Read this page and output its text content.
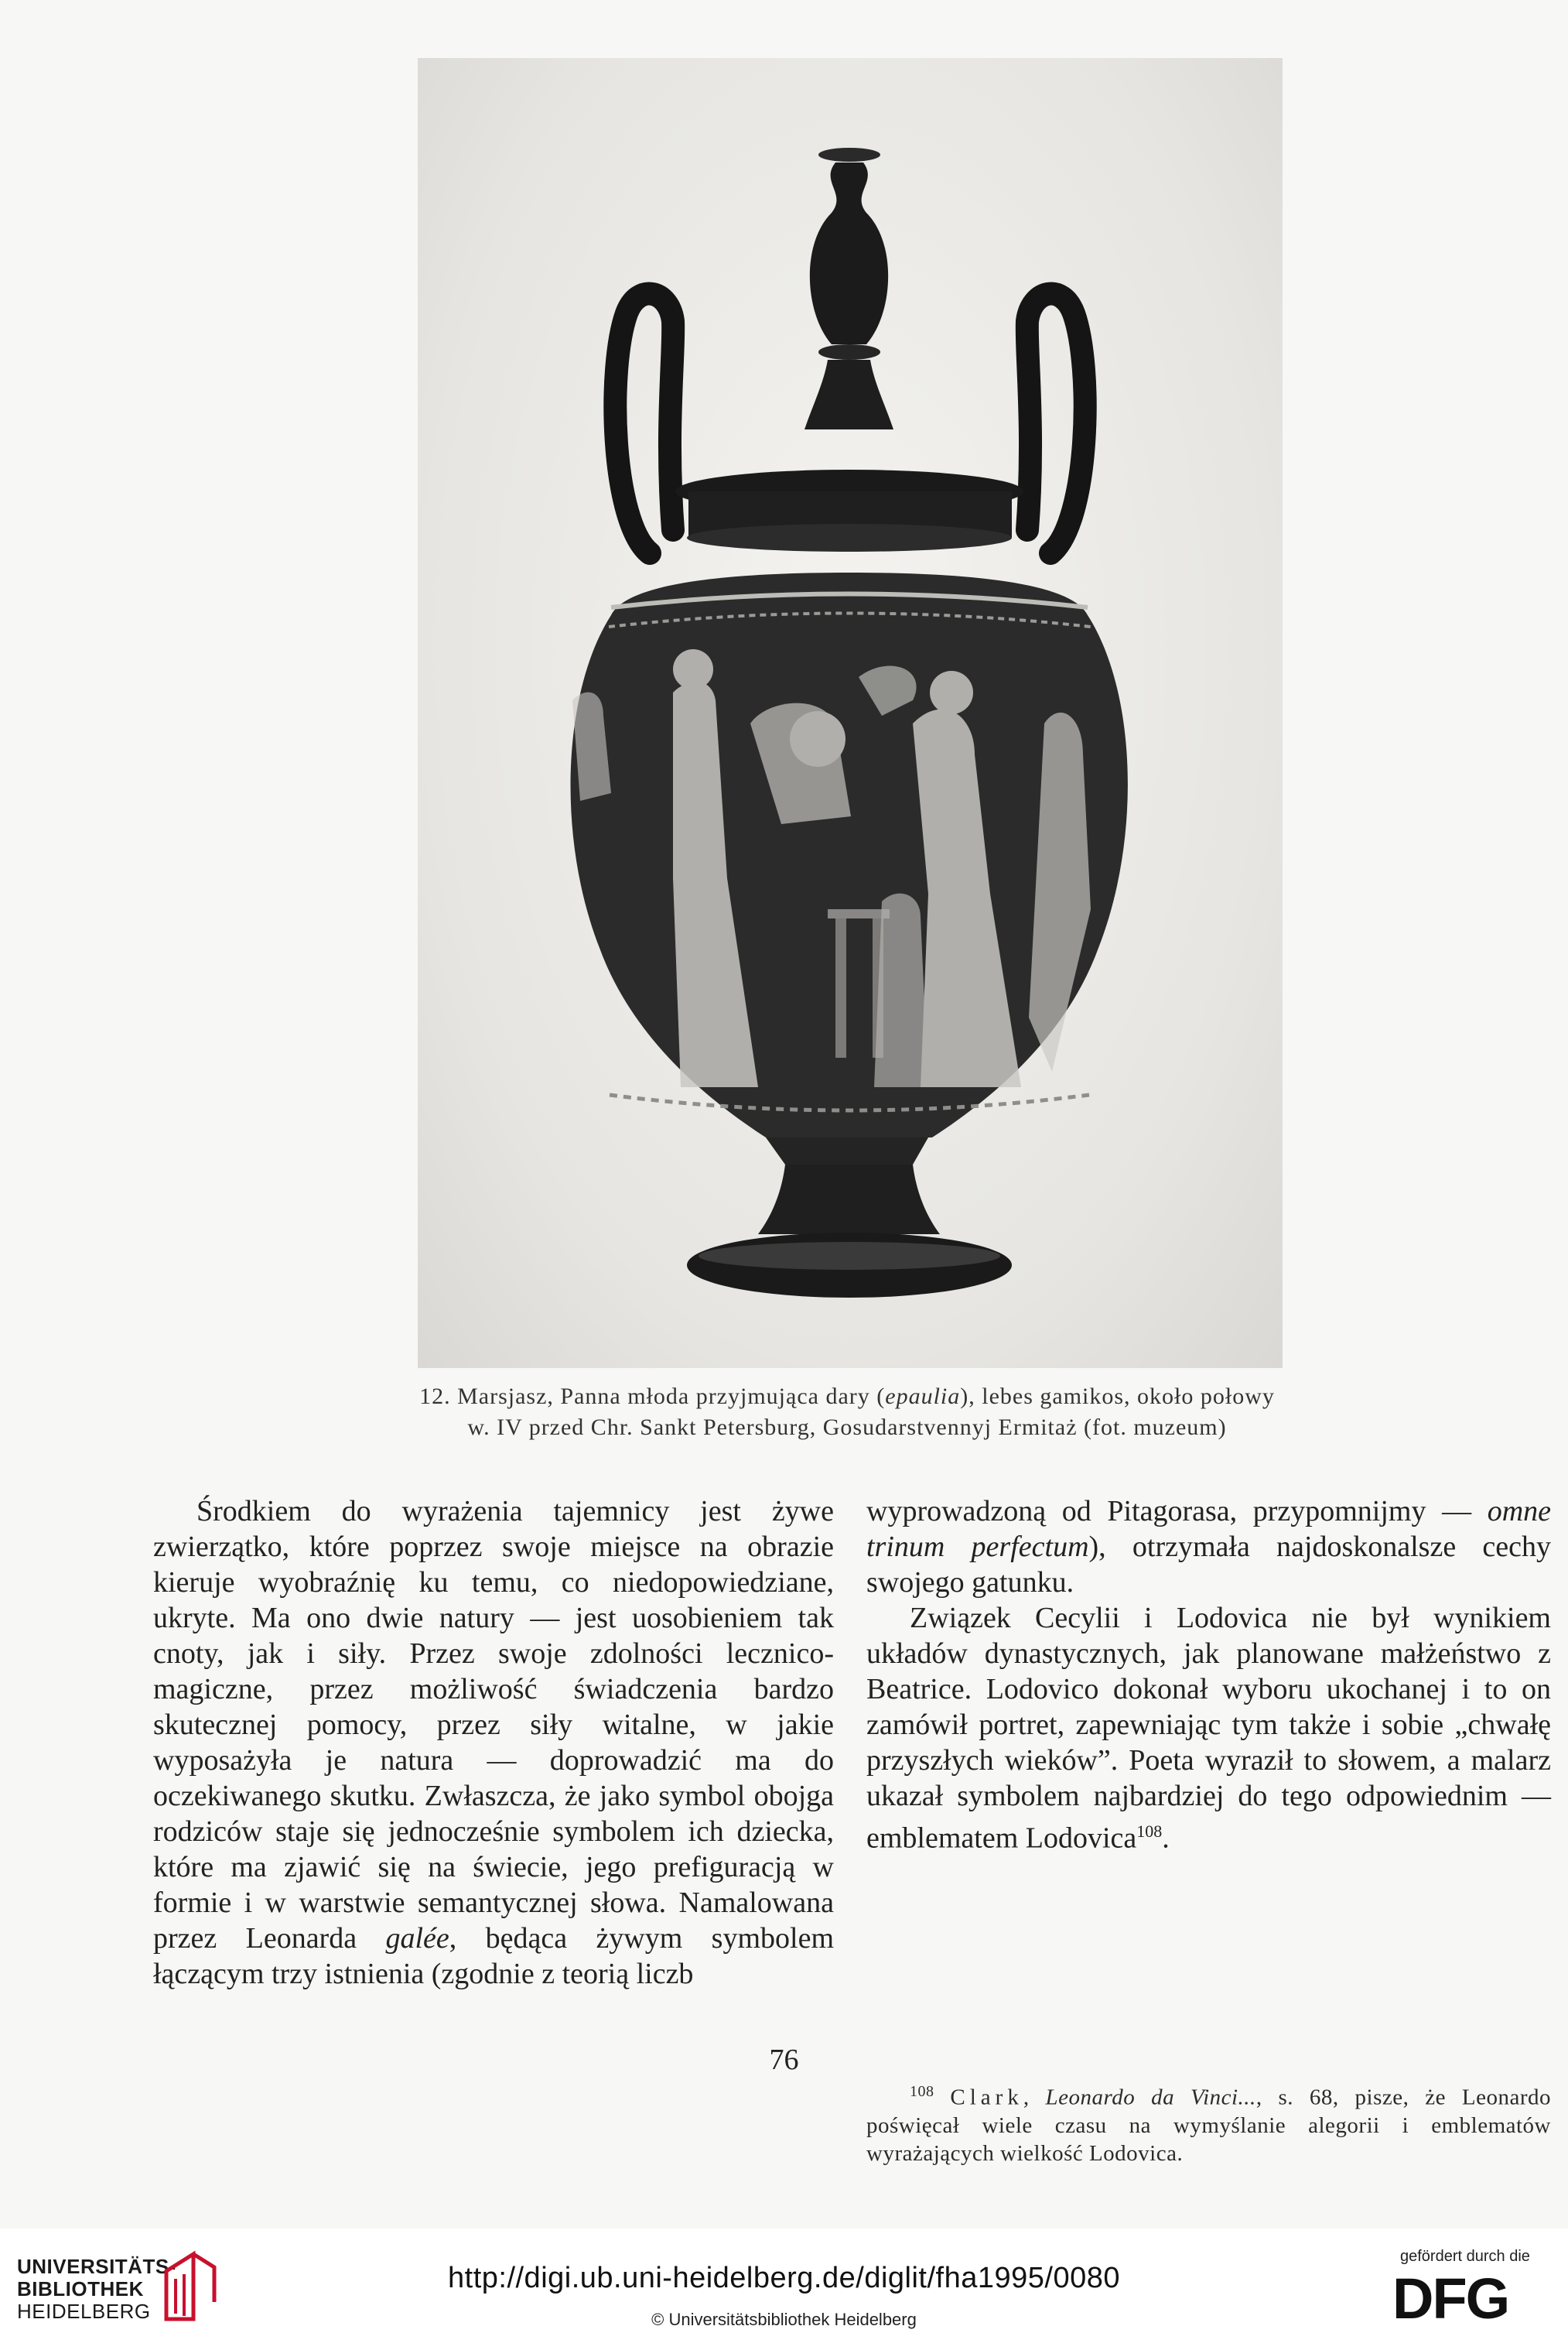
12. Marsjasz, Panna młoda przyjmująca dary (epaulia), lebes gamikos, około połowy
w. IV przed Chr. Sankt Petersburg, Gosudarstvennyj Ermitaż (fot. muzeum)

Środkiem do wyrażenia tajemnicy jest żywe zwierzątko, które poprzez swoje miejsce na obrazie kieruje wyobraźnię ku temu, co niedopowiedziane, ukryte. Ma ono dwie natury — jest uosobieniem tak cnoty, jak i siły. Przez swoje zdolności lecznico-magiczne, przez możliwość świadczenia bardzo skutecznej pomocy, przez siły witalne, w jakie wyposażyła je natura — doprowadzić ma do oczekiwanego skutku. Zwłaszcza, że jako symbol obojga rodziców staje się jednocześnie symbolem ich dziecka, które ma zjawić się na świecie, jego prefiguracją w formie i w warstwie semantycznej słowa. Namalowana przez Leonarda galée, będąca żywym symbolem łączącym trzy istnienia (zgodnie z teorią liczb

wyprowadzoną od Pitagorasa, przypomnijmy — omne trinum perfectum), otrzymała najdoskonalsze cechy swojego gatunku.

Związek Cecylii i Lodovica nie był wynikiem układów dynastycznych, jak planowane małżeństwo z Beatrice. Lodovico dokonał wyboru ukochanej i to on zamówił portret, zapewniając tym także i sobie „chwałę przyszłych wieków”. Poeta wyraził to słowem, a malarz ukazał symbolem najbardziej do tego odpowiednim — emblematem Lodovica$^{108}$.

$^{108}$ Clark, Leonardo da Vinci..., s. 68, pisze, że Leonardo poświęcał wiele czasu na wymyślanie alegorii i emblematów wyrażających wielkość Lodovica.
76
UNIVERSITÄTS-
BIBLIOTHEK
HEIDELBERG
http://digi.ub.uni-heidelberg.de/diglit/fha1995/0080
© Universitätsbibliothek Heidelberg
gefördert durch die
DFG
